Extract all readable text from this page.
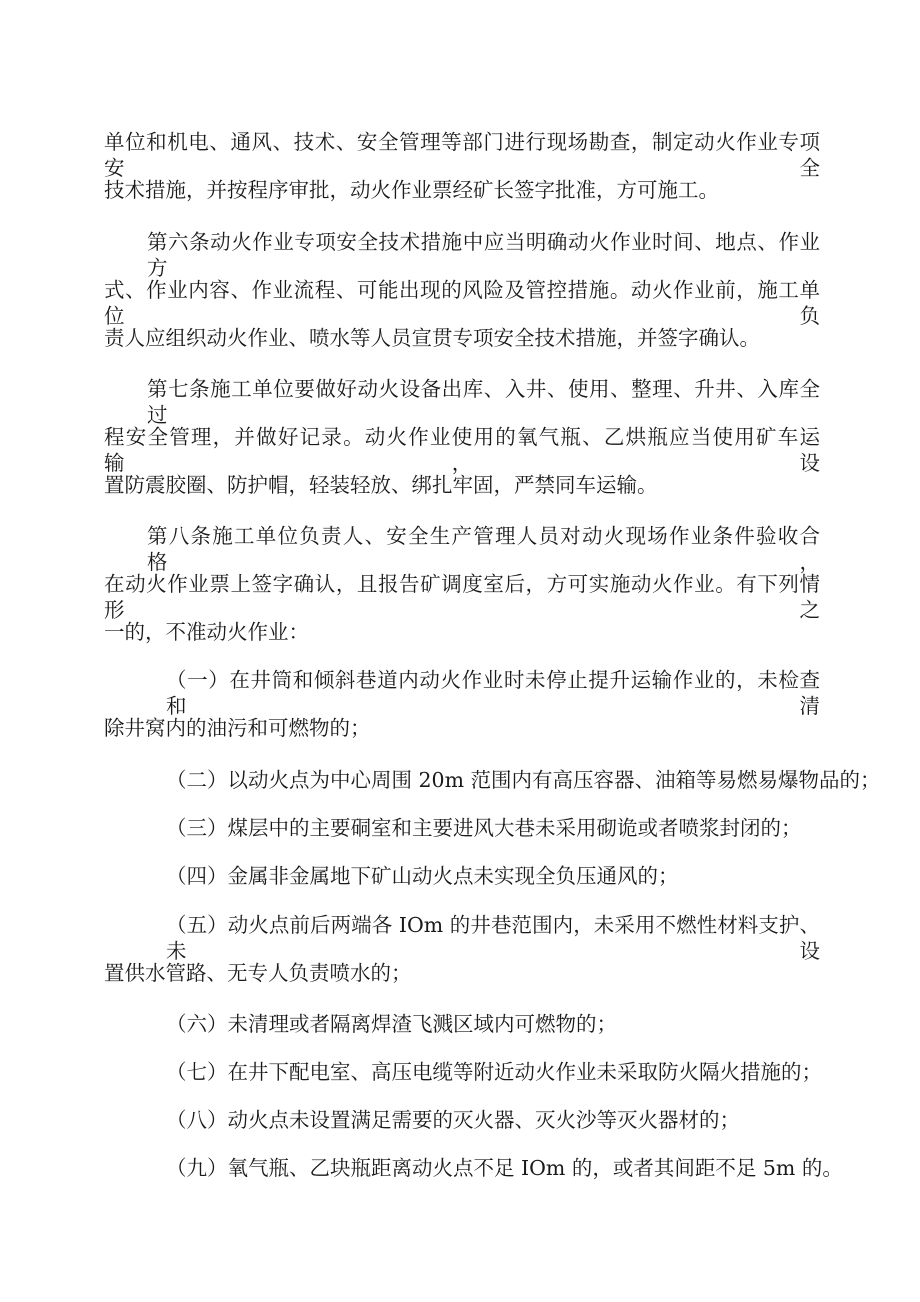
单位和机电、通风、技术、安全管理等部门进行现场勘查，制定动火作业专项安全

技术措施，并按程序审批，动火作业票经矿长签字批准，方可施工。

第六条动火作业专项安全技术措施中应当明确动火作业时间、地点、作业方

式、作业内容、作业流程、可能出现的风险及管控措施。动火作业前，施工单位负

责人应组织动火作业、喷水等人员宣贯专项安全技术措施，并签字确认。

第七条施工单位要做好动火设备出库、入井、使用、整理、升井、入库全过

程安全管理，并做好记录。动火作业使用的氧气瓶、乙烘瓶应当使用矿车运输，设

置防震胶圈、防护帽，轻装轻放、绑扎牢固，严禁同车运输。

第八条施工单位负责人、安全生产管理人员对动火现场作业条件验收合格，

在动火作业票上签字确认，且报告矿调度室后，方可实施动火作业。有下列情形之

一的，不准动火作业：

（一）在井筒和倾斜巷道内动火作业时未停止提升运输作业的，未检查和清

除井窝内的油污和可燃物的；

（二）以动火点为中心周围 20m 范围内有高压容器、油箱等易燃易爆物品的；

（三）煤层中的主要硐室和主要进风大巷未采用砌诡或者喷浆封闭的；

（四）金属非金属地下矿山动火点未实现全负压通风的；

（五）动火点前后两端各 IOm 的井巷范围内，未采用不燃性材料支护、未设

置供水管路、无专人负责喷水的；

（六）未清理或者隔离焊渣飞溅区域内可燃物的；

（七）在井下配电室、高压电缆等附近动火作业未采取防火隔火措施的；

（八）动火点未设置满足需要的灭火器、灭火沙等灭火器材的；

（九）氧气瓶、乙块瓶距离动火点不足 IOm 的，或者其间距不足 5m 的。
